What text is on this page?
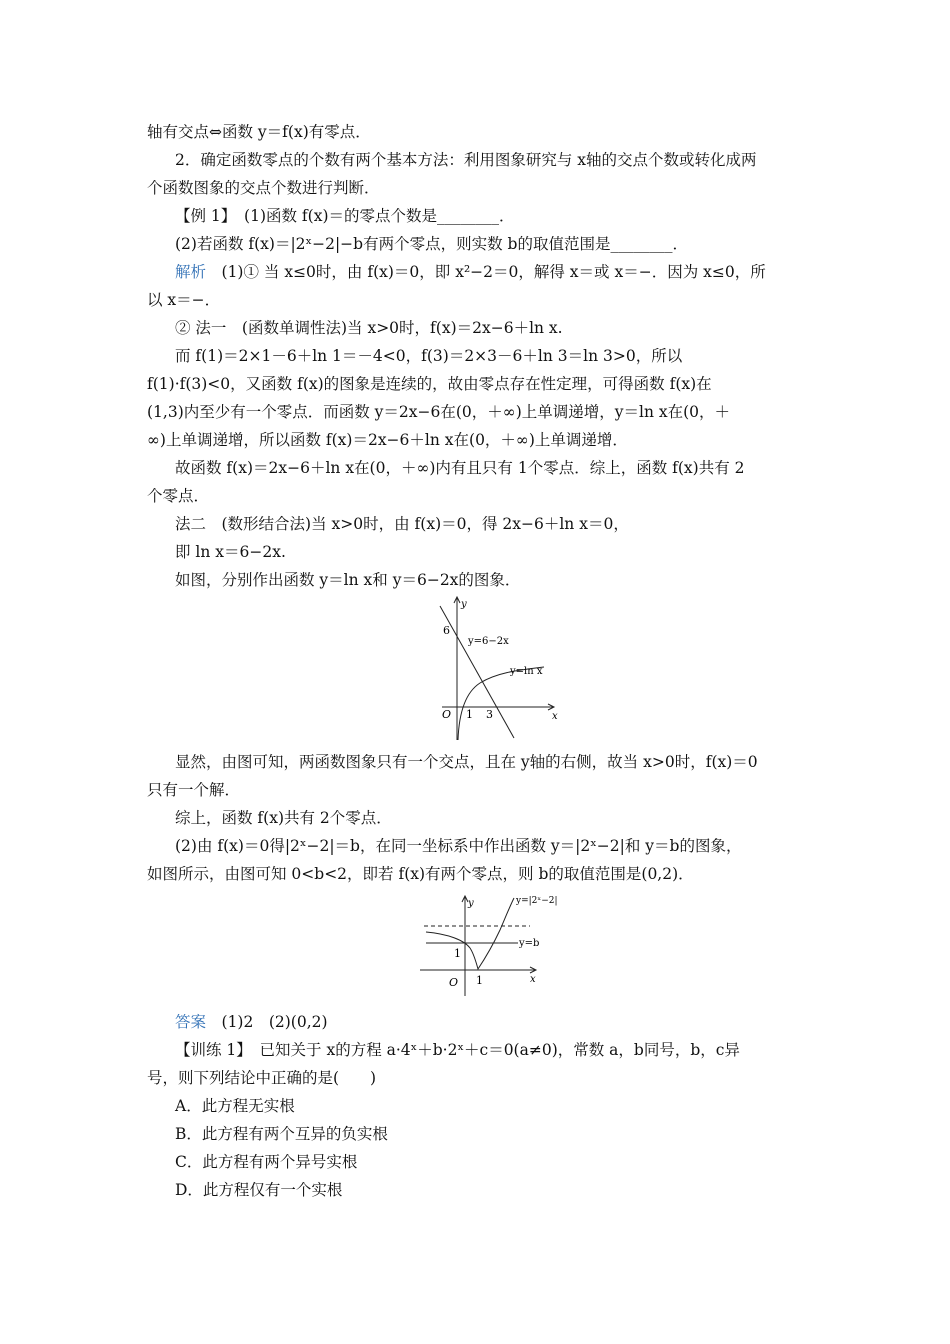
轴有交点⇔函数 y＝f(x)有零点．
2．确定函数零点的个数有两个基本方法：利用图象研究与 x轴的交点个数或转化成两
个函数图象的交点个数进行判断．
【例 1】　(1)函数 f(x)＝的零点个数是________．
(2)若函数 f(x)＝|2ˣ−2|−b有两个零点，则实数 b的取值范围是________．
解析　(1)① 当 x≤0时，由 f(x)＝0，即 x²−2＝0，解得 x＝或 x＝−．因为 x≤0，所
以 x＝−．
② 法一　(函数单调性法)当 x>0时，f(x)＝2x−6＋ln x.
而 f(1)＝2×1－6＋ln 1＝－4<0，f(3)＝2×3－6＋ln 3＝ln 3>0，所以
f(1)·f(3)<0，又函数 f(x)的图象是连续的，故由零点存在性定理，可得函数 f(x)在
(1,3)内至少有一个零点．而函数 y＝2x−6在(0，＋∞)上单调递增，y＝ln x在(0，＋
∞)上单调递增，所以函数 f(x)＝2x−6＋ln x在(0，＋∞)上单调递增．
故函数 f(x)＝2x−6＋ln x在(0，＋∞)内有且只有 1个零点．综上，函数 f(x)共有 2
个零点．
法二　(数形结合法)当 x>0时，由 f(x)＝0，得 2x−6＋ln x＝0，
即 ln x＝6−2x.
如图，分别作出函数 y＝ln x和 y＝6−2x的图象．
y
x
O
6
1 3
y=6−2x
y=ln x
显然，由图可知，两函数图象只有一个交点，且在 y轴的右侧，故当 x>0时，f(x)＝0
只有一个解．
综上，函数 f(x)共有 2个零点．
(2)由 f(x)＝0得|2ˣ−2|＝b，在同一坐标系中作出函数 y＝|2ˣ−2|和 y＝b的图象，
如图所示，由图可知 0<b<2，即若 f(x)有两个零点，则 b的取值范围是(0,2)．
y
x
O
1
1
y=|2ˣ−2|
y=b
答案　(1)2　(2)(0,2)
【训练 1】　已知关于 x的方程 a·4ˣ＋b·2ˣ＋c＝0(a≠0)，常数 a，b同号，b，c异
号，则下列结论中正确的是(　　)
A．此方程无实根
B．此方程有两个互异的负实根
C．此方程有两个异号实根
D．此方程仅有一个实根
